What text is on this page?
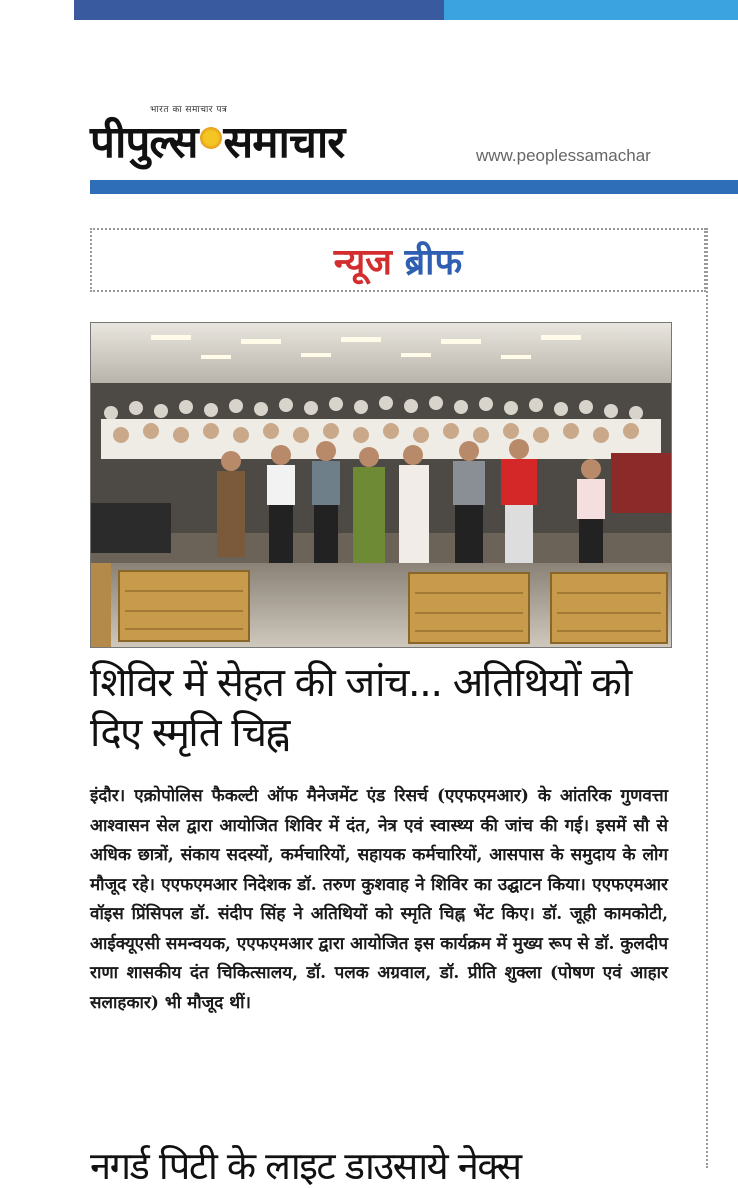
भारत का समाचार पत्र
पीपुल्स समाचार	www.peoplessamachar
न्यूज ब्रीफ
शिविर में सेहत की जांच... अतिथियों को
दिए स्मृति चिह्न

इंदौर। एक्रोपोलिस फैकल्टी ऑफ मैनेजमेंट एंड रिसर्च (एएफएमआर) के आंतरिक गुणवत्ता आश्वासन सेल द्वारा आयोजित शिविर में दंत, नेत्र एवं स्वास्थ्य की जांच की गई। इसमें सौ से अधिक छात्रों, संकाय सदस्यों, कर्मचारियों, सहायक कर्मचारियों, आसपास के समुदाय के लोग मौजूद रहे। एएफएमआर निदेशक डॉ. तरुण कुशवाह ने शिविर का उद्घाटन किया। एएफएमआर वॉइस प्रिंसिपल डॉ. संदीप सिंह ने अतिथियों को स्मृति चिह्न भेंट किए। डॉ. जूही कामकोटी, आईक्यूएसी समन्वयक, एएफएमआर द्वारा आयोजित इस कार्यक्रम में मुख्य रूप से डॉ. कुलदीप राणा शासकीय दंत चिकित्सालय, डॉ. पलक अग्रवाल, डॉ. प्रीति शुक्ला (पोषण एवं आहार सलाहकार) भी मौजूद थीं।

नगर्ड पिटी के लाइट डाउसाये नेक्स
